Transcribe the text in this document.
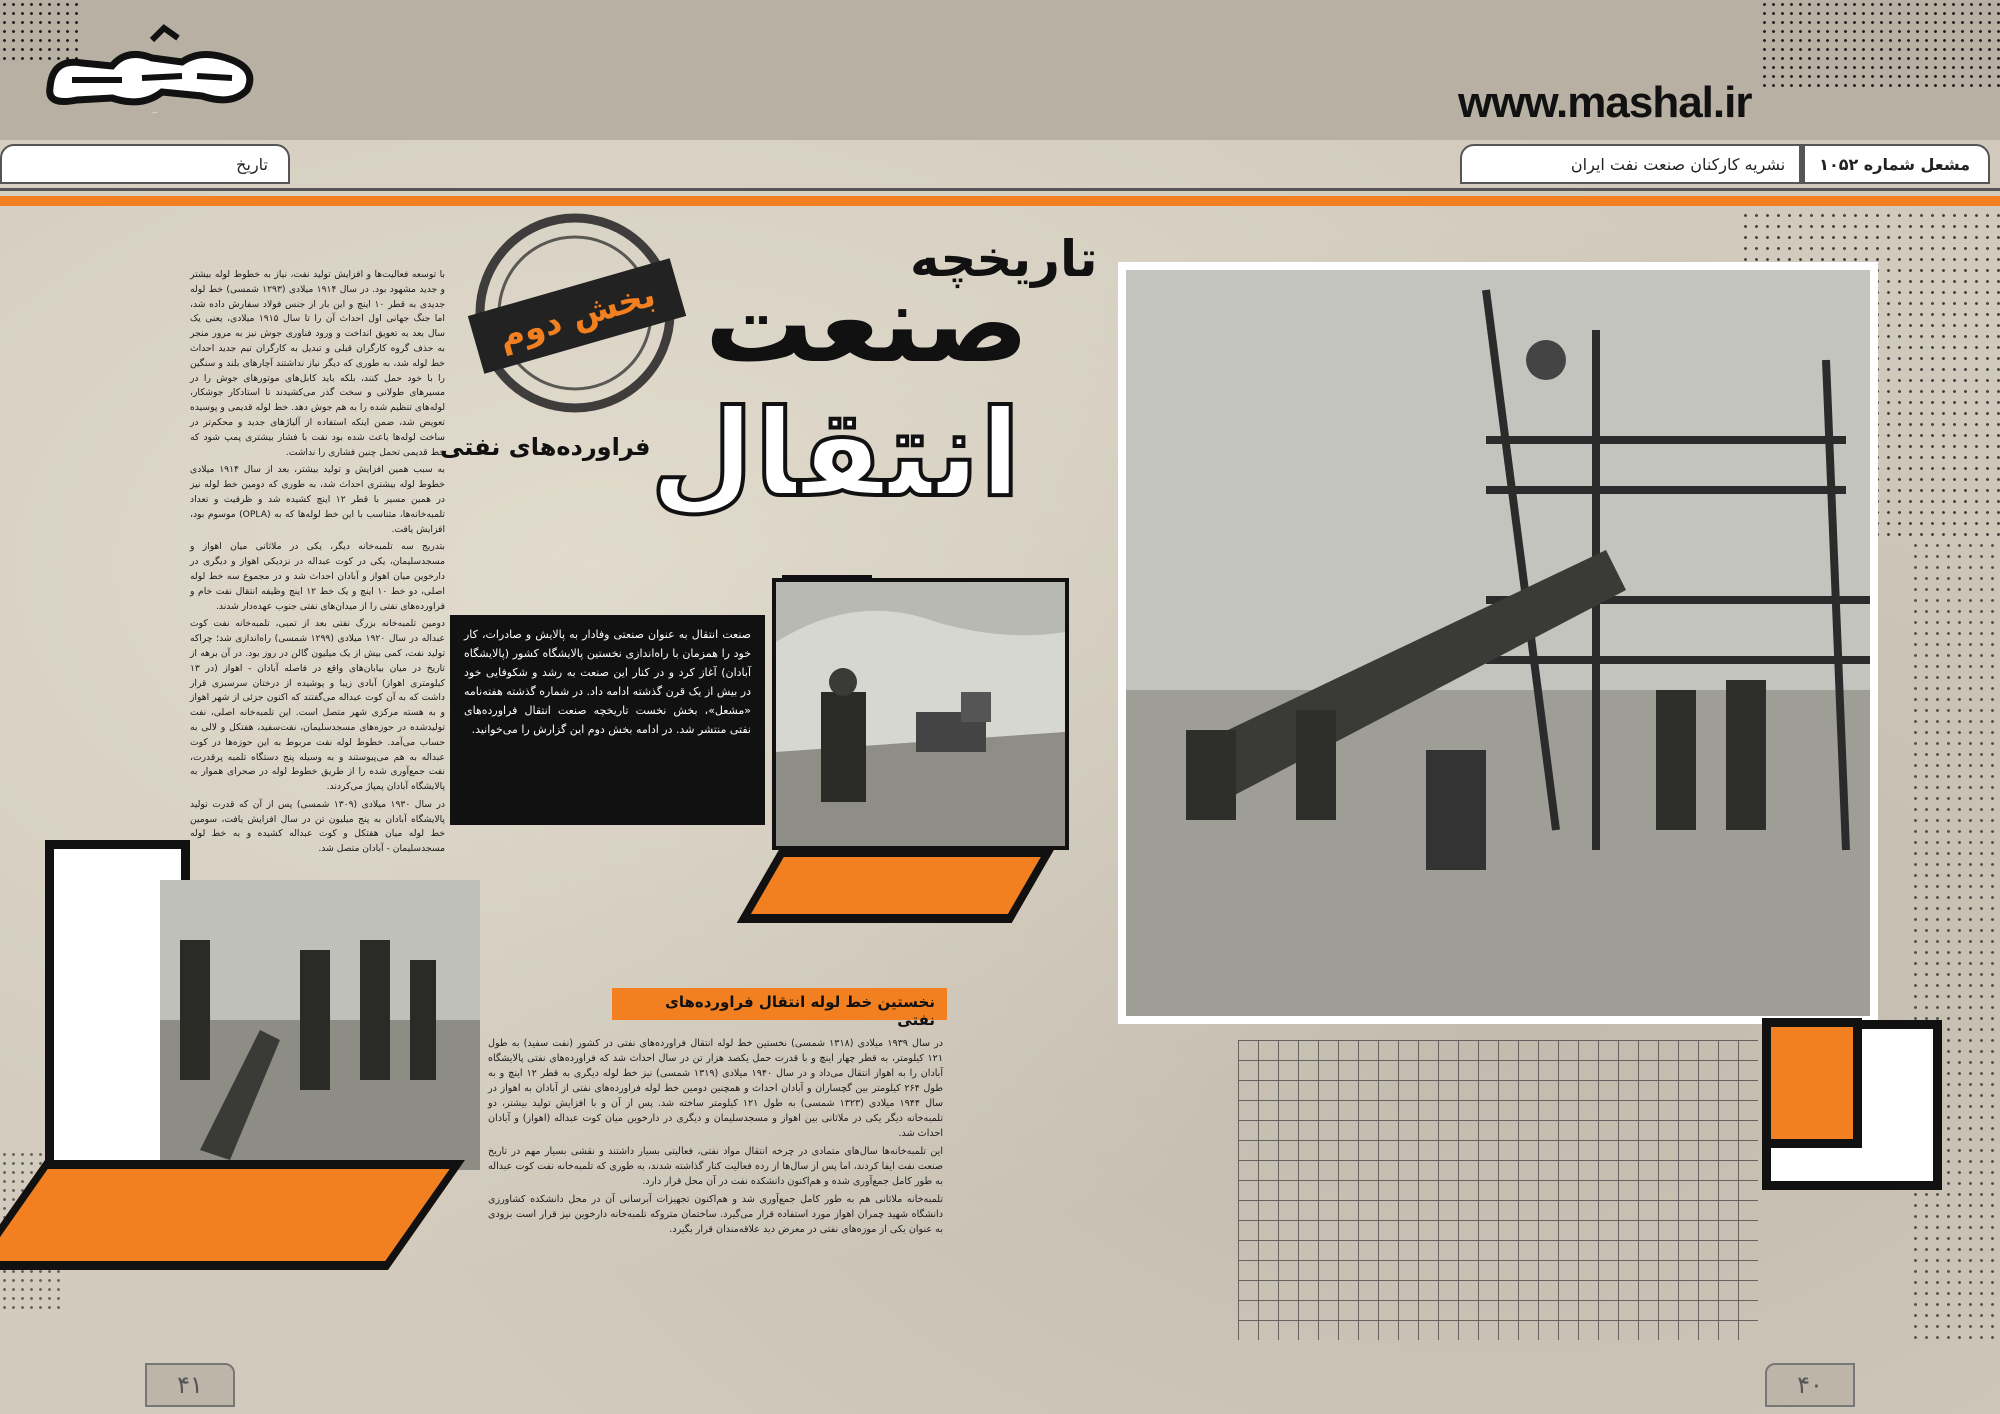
مشعل	www.mashal.ir
مشعل شماره ۱۰۵۲
نشریه کارکنان صنعت نفت ایران
تاریخ

با توسعه فعالیت‌ها و افزایش تولید نفت، نیاز به خطوط لوله بیشتر و جدید مشهود بود. در سال ۱۹۱۴ میلادی (۱۲۹۳ شمسی) خط لوله جدیدی به قطر ۱۰ اینچ و این بار از جنس فولاد سفارش داده شد، اما جنگ جهانی اول احداث آن را تا سال ۱۹۱۵ میلادی، یعنی یک سال بعد به تعویق انداخت و ورود فناوری جوش نیز به مرور منجر به حذف گروه کارگران قبلی و تبدیل به کارگران تیم جدید احداث خط لوله شد، به طوری که دیگر نیاز نداشتند آچارهای بلند و سنگین را با خود حمل کنند، بلکه باید کابل‌های موتورهای جوش را در مسیرهای طولانی و سخت گذر می‌کشیدند تا استادکار جوشکار، لوله‌های تنظیم شده را به هم جوش دهد. خط لوله قدیمی و پوسیده تعویض شد، ضمن اینکه استفاده از آلیاژهای جدید و محکم‌تر در ساخت لوله‌ها باعث شده بود نفت با فشار بیشتری پمپ شود که خط قدیمی تحمل چنین فشاری را نداشت.

به سبب همین افزایش و تولید بیشتر، بعد از سال ۱۹۱۴ میلادی خطوط لوله بیشتری احداث شد، به طوری که دومین خط لوله نیز در همین مسیر با قطر ۱۲ اینچ کشیده شد و ظرفیت و تعداد تلمبه‌خانه‌ها، متناسب با این خط لوله‌ها که به (OPLA) موسوم بود، افزایش یافت.

بتدریج سه تلمبه‌خانه دیگر، یکی در ملاثانی میان اهواز و مسجدسلیمان، یکی در کوت عبداله در نزدیکی اهواز و دیگری در دارخوین میان اهواز و آبادان احداث شد و در مجموع سه خط لوله اصلی، دو خط ۱۰ اینچ و یک خط ۱۲ اینچ وظیفه انتقال نفت خام و فراورده‌های نفتی را از میدان‌های نفتی جنوب عهده‌دار شدند.

دومین تلمبه‌خانه بزرگ نفتی بعد از تمبی، تلمبه‌خانه نفت کوت عبداله در سال ۱۹۲۰ میلادی (۱۲۹۹ شمسی) راه‌اندازی شد؛ چراکه تولید نفت، کمی بیش از یک میلیون گالن در روز بود. در آن برهه از تاریخ در میان بیابان‌های واقع در فاصله آبادان - اهواز (در ۱۳ کیلومتری اهواز) آبادی زیبا و پوشیده از درختان سرسبزی قرار داشت که به آن کوت عبداله می‌گفتند که اکنون جزئی از شهر اهواز و به هسته مرکزی شهر متصل است. این تلمبه‌خانه اصلی، نفت تولیدشده در حوزه‌های مسجدسلیمان، نفت‌سفید، هفتکل و لالی به حساب می‌آمد. خطوط لوله نفت مربوط به این حوزه‌ها در کوت عبداله به هم می‌پیوستند و به وسیله پنج دستگاه تلمبه پرقدرت، نفت جمع‌آوری شده را از طریق خطوط لوله در صحرای هموار به پالایشگاه آبادان پمپاژ می‌کردند.

در سال ۱۹۳۰ میلادی (۱۳۰۹ شمسی) پس از آن که قدرت تولید پالایشگاه آبادان به پنج میلیون تن در سال افزایش یافت، سومین خط لوله میان هفتکل و کوت عبداله کشیده و به خط لوله مسجدسلیمان - آبادان متصل شد.

تاریخچه
صنعت
انتقال
فراورده‌های نفتی
بخش دوم
صنعت انتقال به عنوان صنعتی وفادار به پالایش و صادرات، کار خود را همزمان با راه‌اندازی نخستین پالایشگاه کشور (پالایشگاه آبادان) آغاز کرد و در کنار این صنعت به رشد و شکوفایی خود در بیش از یک قرن گذشته ادامه داد. در شماره گذشته هفته‌نامه «مشعل»، بخش نخست تاریخچه صنعت انتقال فراورده‌های نفتی منتشر شد. در ادامه بخش دوم این گزارش را می‌خوانید.
نخستین خط لوله انتقال فراورده‌های نفتی

در سال ۱۹۳۹ میلادی (۱۳۱۸ شمسی) نخستین خط لوله انتقال فراورده‌های نفتی در کشور (نفت سفید) به طول ۱۲۱ کیلومتر، به قطر چهار اینچ و با قدرت حمل یکصد هزار تن در سال احداث شد که فراورده‌های نفتی پالایشگاه آبادان را به اهواز انتقال می‌داد و در سال ۱۹۴۰ میلادی (۱۳۱۹ شمسی) نیز خط لوله دیگری به قطر ۱۲ اینچ و به طول ۲۶۴ کیلومتر بین گچساران و آبادان احداث و همچنین دومین خط لوله فراورده‌های نفتی از آبادان به اهواز در سال ۱۹۴۴ میلادی (۱۳۲۳ شمسی) به طول ۱۲۱ کیلومتر ساخته شد. پس از آن و با افزایش تولید بیشتر، دو تلمبه‌خانه دیگر یکی در ملاثانی بین اهواز و مسجدسلیمان و دیگری در دارخوین میان کوت عبداله (اهواز) و آبادان احداث شد.

این تلمبه‌خانه‌ها سال‌های متمادی در چرخه انتقال مواد نفتی، فعالیتی بسیار داشتند و نقشی بسیار مهم در تاریخ صنعت نفت ایفا کردند، اما پس از سال‌ها از رده فعالیت کنار گذاشته شدند، به طوری که تلمبه‌خانه نفت کوت عبداله به طور کامل جمع‌آوری شده و هم‌اکنون دانشکده نفت در آن محل قرار دارد.

تلمبه‌خانه ملاثانی هم به طور کامل جمع‌آوری شد و هم‌اکنون تجهیزات آبرسانی آن در محل دانشکده کشاورزی دانشگاه شهید چمران اهواز مورد استفاده قرار می‌گیرد. ساختمان متروکه تلمبه‌خانه دارخوین نیز قرار است بزودی به عنوان یکی از موزه‌های نفتی در معرض دید علاقه‌مندان قرار بگیرد.

۴۱	۴۰
